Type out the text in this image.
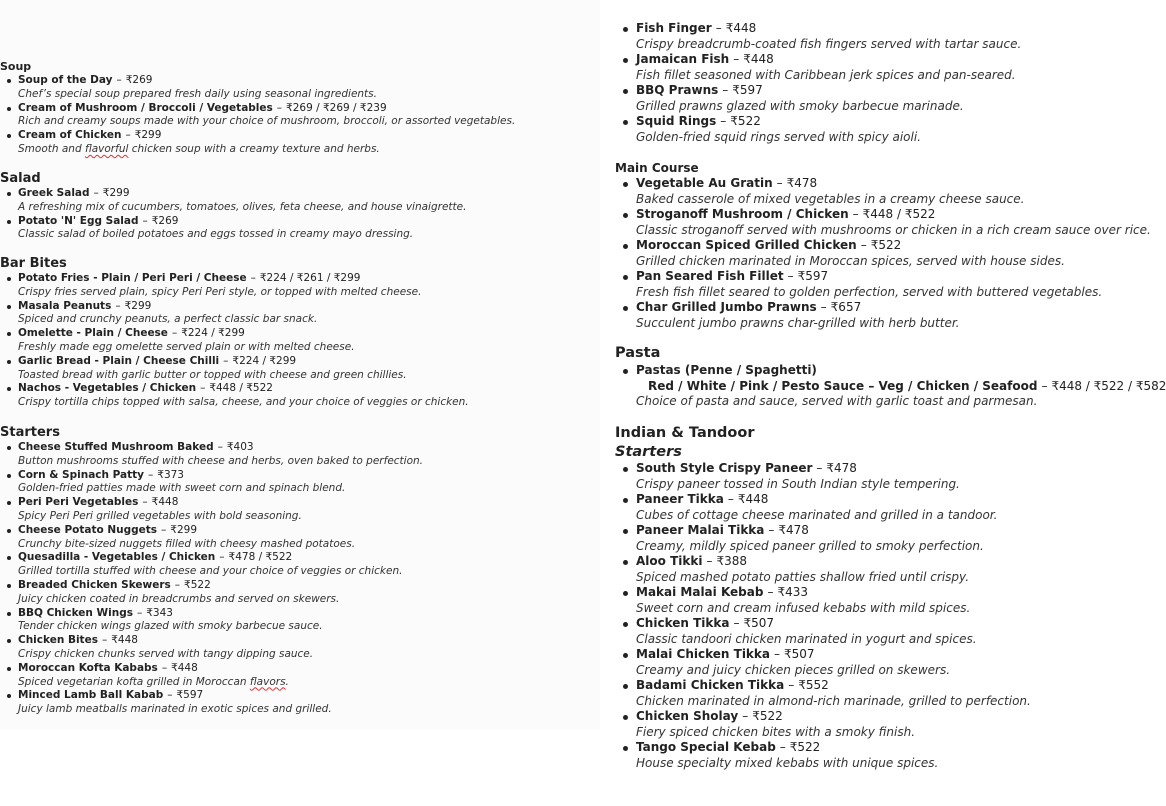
Soup
Soup of the Day – ₹269
Chef’s special soup prepared fresh daily using seasonal ingredients.
Cream of Mushroom / Broccoli / Vegetables – ₹269 / ₹269 / ₹239
Rich and creamy soups made with your choice of mushroom, broccoli, or assorted vegetables.
Cream of Chicken – ₹299
Smooth and flavorful chicken soup with a creamy texture and herbs.
Salad
Greek Salad – ₹299
A refreshing mix of cucumbers, tomatoes, olives, feta cheese, and house vinaigrette.
Potato 'N' Egg Salad – ₹269
Classic salad of boiled potatoes and eggs tossed in creamy mayo dressing.
Bar Bites
Potato Fries - Plain / Peri Peri / Cheese – ₹224 / ₹261 / ₹299
Crispy fries served plain, spicy Peri Peri style, or topped with melted cheese.
Masala Peanuts – ₹299
Spiced and crunchy peanuts, a perfect classic bar snack.
Omelette - Plain / Cheese – ₹224 / ₹299
Freshly made egg omelette served plain or with melted cheese.
Garlic Bread - Plain / Cheese Chilli – ₹224 / ₹299
Toasted bread with garlic butter or topped with cheese and green chillies.
Nachos - Vegetables / Chicken – ₹448 / ₹522
Crispy tortilla chips topped with salsa, cheese, and your choice of veggies or chicken.
Starters
Cheese Stuffed Mushroom Baked – ₹403
Button mushrooms stuffed with cheese and herbs, oven baked to perfection.
Corn & Spinach Patty – ₹373
Golden-fried patties made with sweet corn and spinach blend.
Peri Peri Vegetables – ₹448
Spicy Peri Peri grilled vegetables with bold seasoning.
Cheese Potato Nuggets – ₹299
Crunchy bite-sized nuggets filled with cheesy mashed potatoes.
Quesadilla - Vegetables / Chicken – ₹478 / ₹522
Grilled tortilla stuffed with cheese and your choice of veggies or chicken.
Breaded Chicken Skewers – ₹522
Juicy chicken coated in breadcrumbs and served on skewers.
BBQ Chicken Wings – ₹343
Tender chicken wings glazed with smoky barbecue sauce.
Chicken Bites – ₹448
Crispy chicken chunks served with tangy dipping sauce.
Moroccan Kofta Kababs – ₹448
Spiced vegetarian kofta grilled in Moroccan flavors.
Minced Lamb Ball Kabab – ₹597
Juicy lamb meatballs marinated in exotic spices and grilled.
Fish Finger – ₹448
Crispy breadcrumb-coated fish fingers served with tartar sauce.
Jamaican Fish – ₹448
Fish fillet seasoned with Caribbean jerk spices and pan-seared.
BBQ Prawns – ₹597
Grilled prawns glazed with smoky barbecue marinade.
Squid Rings – ₹522
Golden-fried squid rings served with spicy aioli.
Main Course
Vegetable Au Gratin – ₹478
Baked casserole of mixed vegetables in a creamy cheese sauce.
Stroganoff Mushroom / Chicken – ₹448 / ₹522
Classic stroganoff served with mushrooms or chicken in a rich cream sauce over rice.
Moroccan Spiced Grilled Chicken – ₹522
Grilled chicken marinated in Moroccan spices, served with house sides.
Pan Seared Fish Fillet – ₹597
Fresh fish fillet seared to golden perfection, served with buttered vegetables.
Char Grilled Jumbo Prawns – ₹657
Succulent jumbo prawns char-grilled with herb butter.
Pasta
Pastas (Penne / Spaghetti)
Red / White / Pink / Pesto Sauce – Veg / Chicken / Seafood – ₹448 / ₹522 / ₹582
Choice of pasta and sauce, served with garlic toast and parmesan.
Indian & Tandoor
Starters
South Style Crispy Paneer – ₹478
Crispy paneer tossed in South Indian style tempering.
Paneer Tikka – ₹448
Cubes of cottage cheese marinated and grilled in a tandoor.
Paneer Malai Tikka – ₹478
Creamy, mildly spiced paneer grilled to smoky perfection.
Aloo Tikki – ₹388
Spiced mashed potato patties shallow fried until crispy.
Makai Malai Kebab – ₹433
Sweet corn and cream infused kebabs with mild spices.
Chicken Tikka – ₹507
Classic tandoori chicken marinated in yogurt and spices.
Malai Chicken Tikka – ₹507
Creamy and juicy chicken pieces grilled on skewers.
Badami Chicken Tikka – ₹552
Chicken marinated in almond-rich marinade, grilled to perfection.
Chicken Sholay – ₹522
Fiery spiced chicken bites with a smoky finish.
Tango Special Kebab – ₹522
House specialty mixed kebabs with unique spices.
